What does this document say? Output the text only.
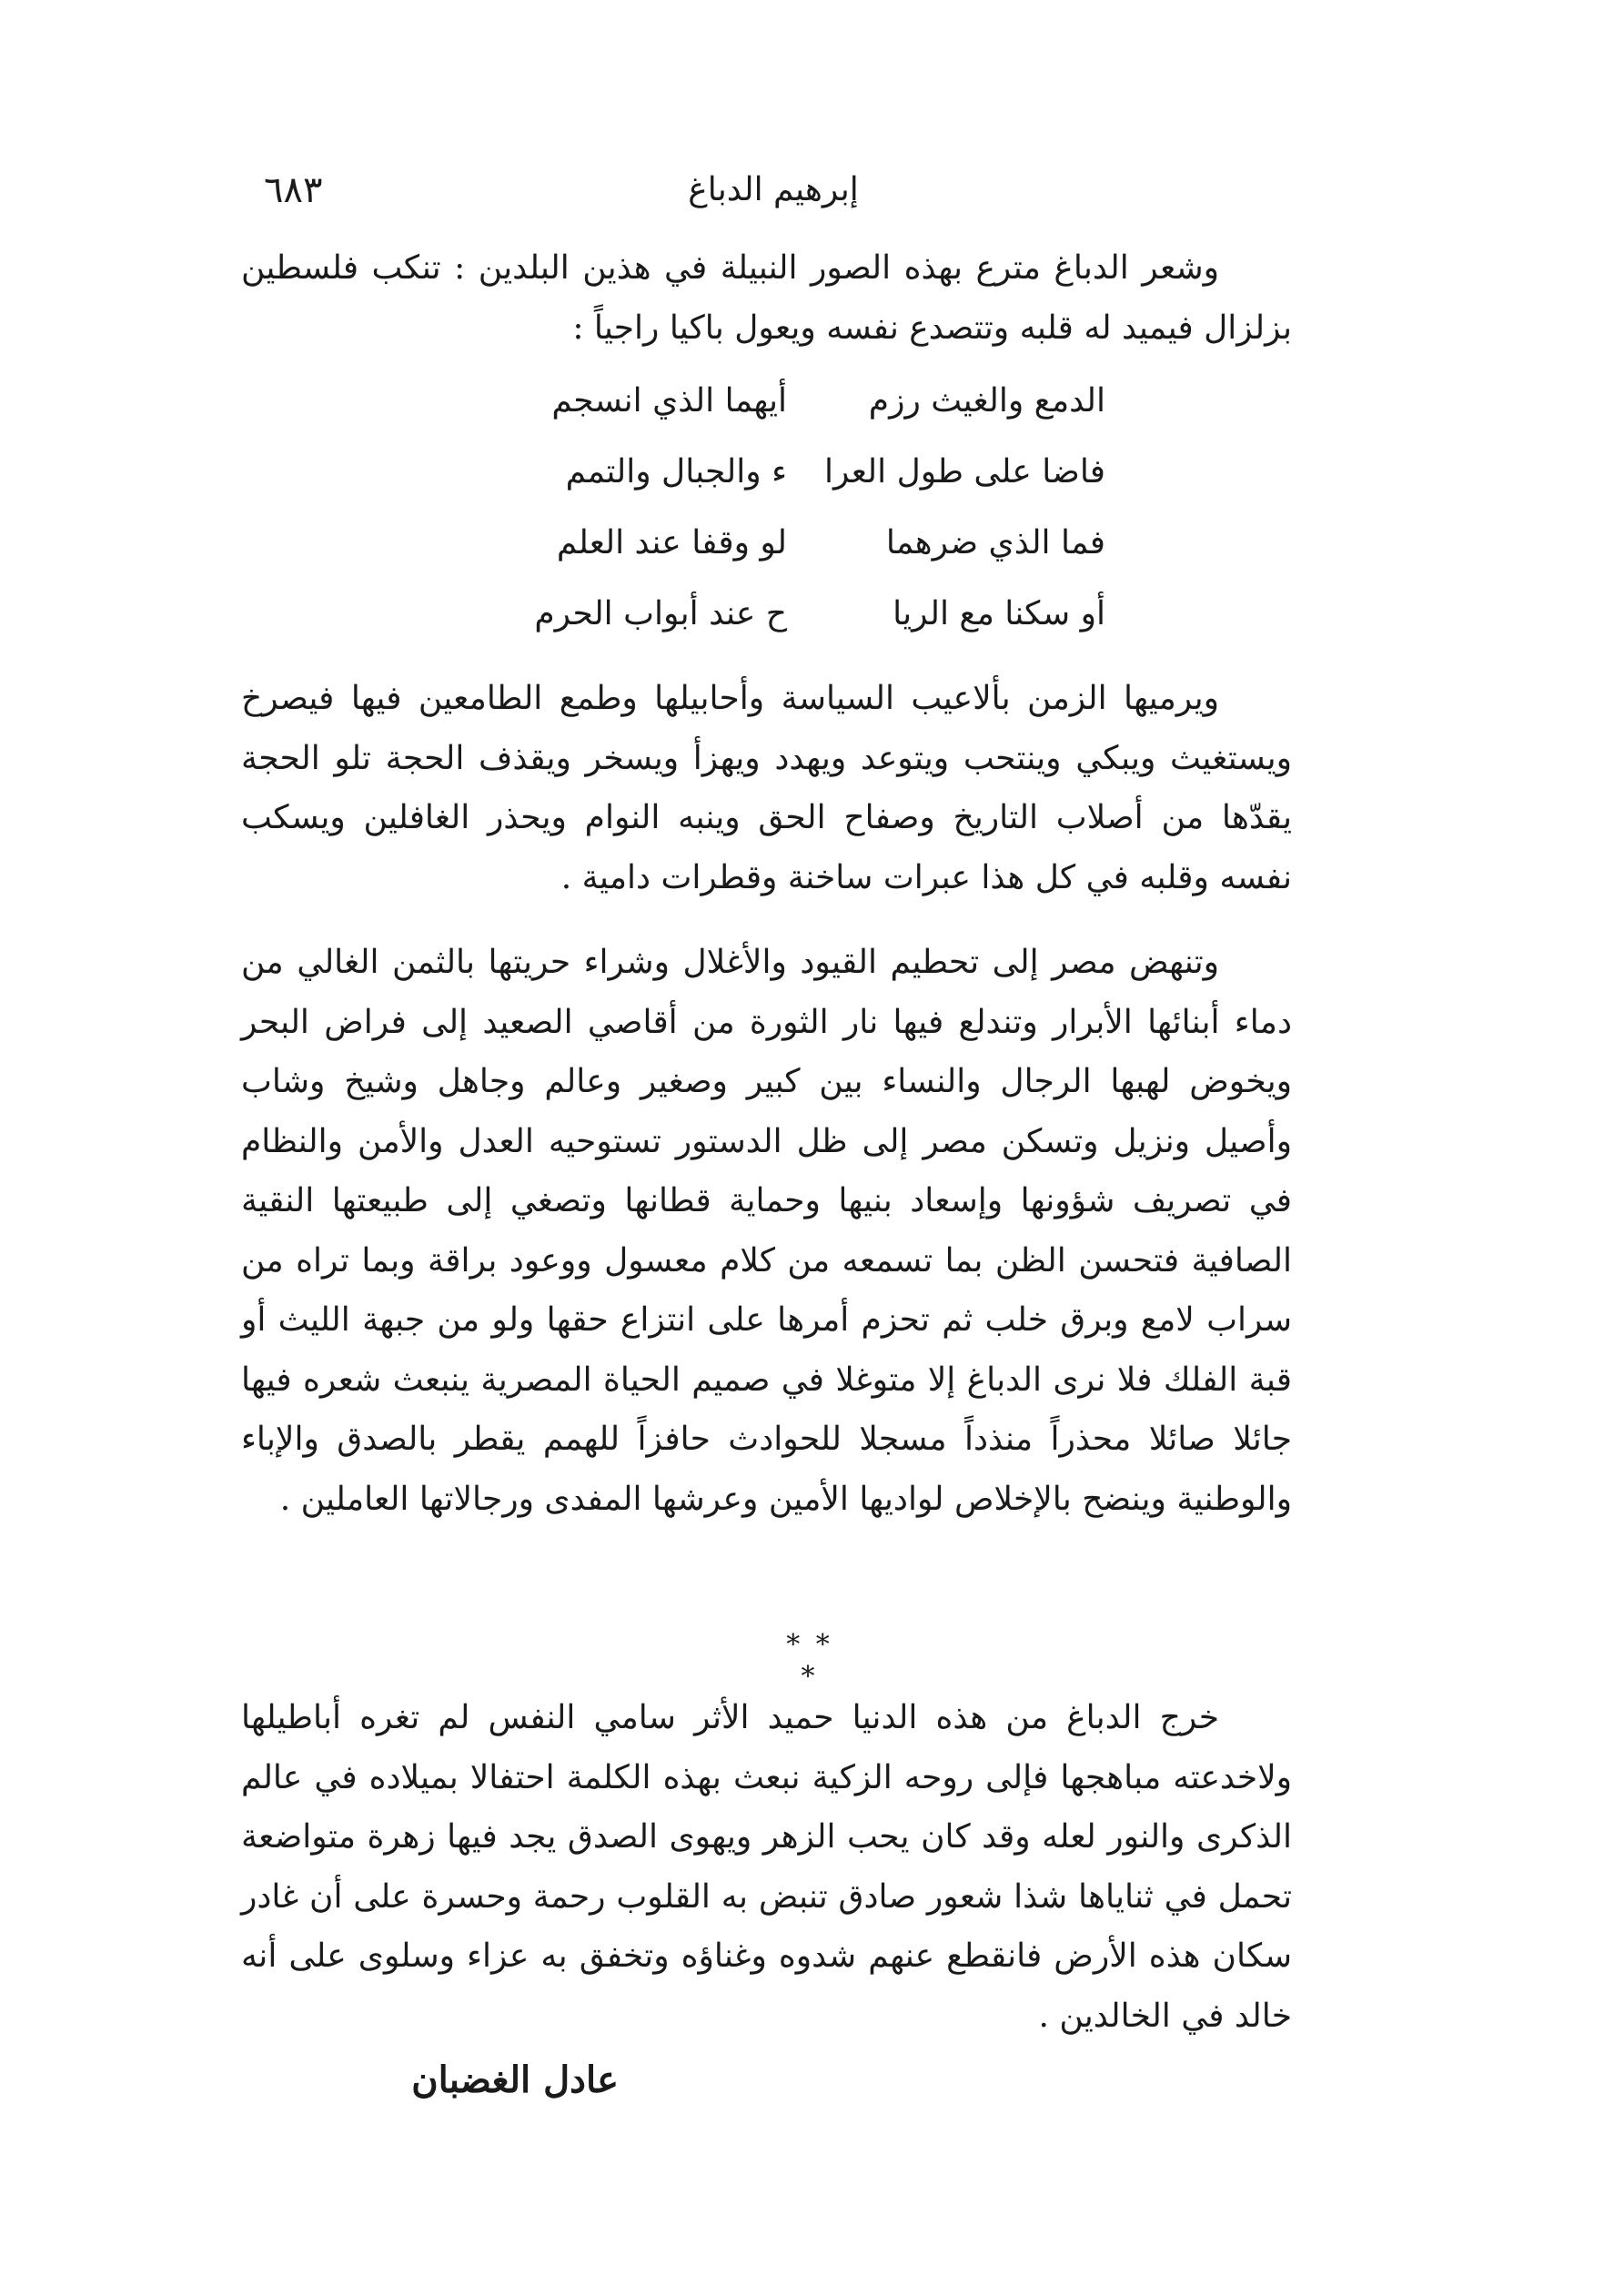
٦٨٣	إبرهيم الدباغ

وشعر الدباغ مترع بهذه الصور النبيلة في هذين البلدين : تنكب فلسطين بزلزال فيميد له قلبه وتتصدع نفسه ويعول باكيا راجياً :

الدمع والغيث رزم
أيهما الذي انسجم
فاضا على طول العرا
ء والجبال والتمم
فما الذي ضرهما
لو وقفا عند العلم
أو سكنا مع الريا
ح عند أبواب الحرم

ويرميها الزمن بألاعيب السياسة وأحابيلها وطمع الطامعين فيها فيصرخ ويستغيث ويبكي وينتحب ويتوعد ويهدد ويهزأ ويسخر ويقذف الحجة تلو الحجة يقدّها من أصلاب التاريخ وصفاح الحق وينبه النوام ويحذر الغافلين ويسكب نفسه وقلبه في كل هذا عبرات ساخنة وقطرات دامية .

وتنهض مصر إلى تحطيم القيود والأغلال وشراء حريتها بالثمن الغالي من دماء أبنائها الأبرار وتندلع فيها نار الثورة من أقاصي الصعيد إلى فراض البحر ويخوض لهبها الرجال والنساء بين كبير وصغير وعالم وجاهل وشيخ وشاب وأصيل ونزيل وتسكن مصر إلى ظل الدستور تستوحيه العدل والأمن والنظام في تصريف شؤونها وإسعاد بنيها وحماية قطانها وتصغي إلى طبيعتها النقية الصافية فتحسن الظن بما تسمعه من كلام معسول ووعود براقة وبما تراه من سراب لامع وبرق خلب ثم تحزم أمرها على انتزاع حقها ولو من جبهة الليث أو قبة الفلك فلا نرى الدباغ إلا متوغلا في صميم الحياة المصرية ينبعث شعره فيها جائلا صائلا محذراً منذداً مسجلا للحوادث حافزاً للهمم يقطر بالصدق والإباء والوطنية وينضح بالإخلاص لواديها الأمين وعرشها المفدى ورجالاتها العاملين .

* * *

خرج الدباغ من هذه الدنيا حميد الأثر سامي النفس لم تغره أباطيلها ولاخدعته مباهجها فإلى روحه الزكية نبعث بهذه الكلمة احتفالا بميلاده في عالم الذكرى والنور لعله وقد كان يحب الزهر ويهوى الصدق يجد فيها زهرة متواضعة تحمل في ثناياها شذا شعور صادق تنبض به القلوب رحمة وحسرة على أن غادر سكان هذه الأرض فانقطع عنهم شدوه وغناؤه وتخفق به عزاء وسلوى على أنه خالد في الخالدين .

عادل الغضبان
